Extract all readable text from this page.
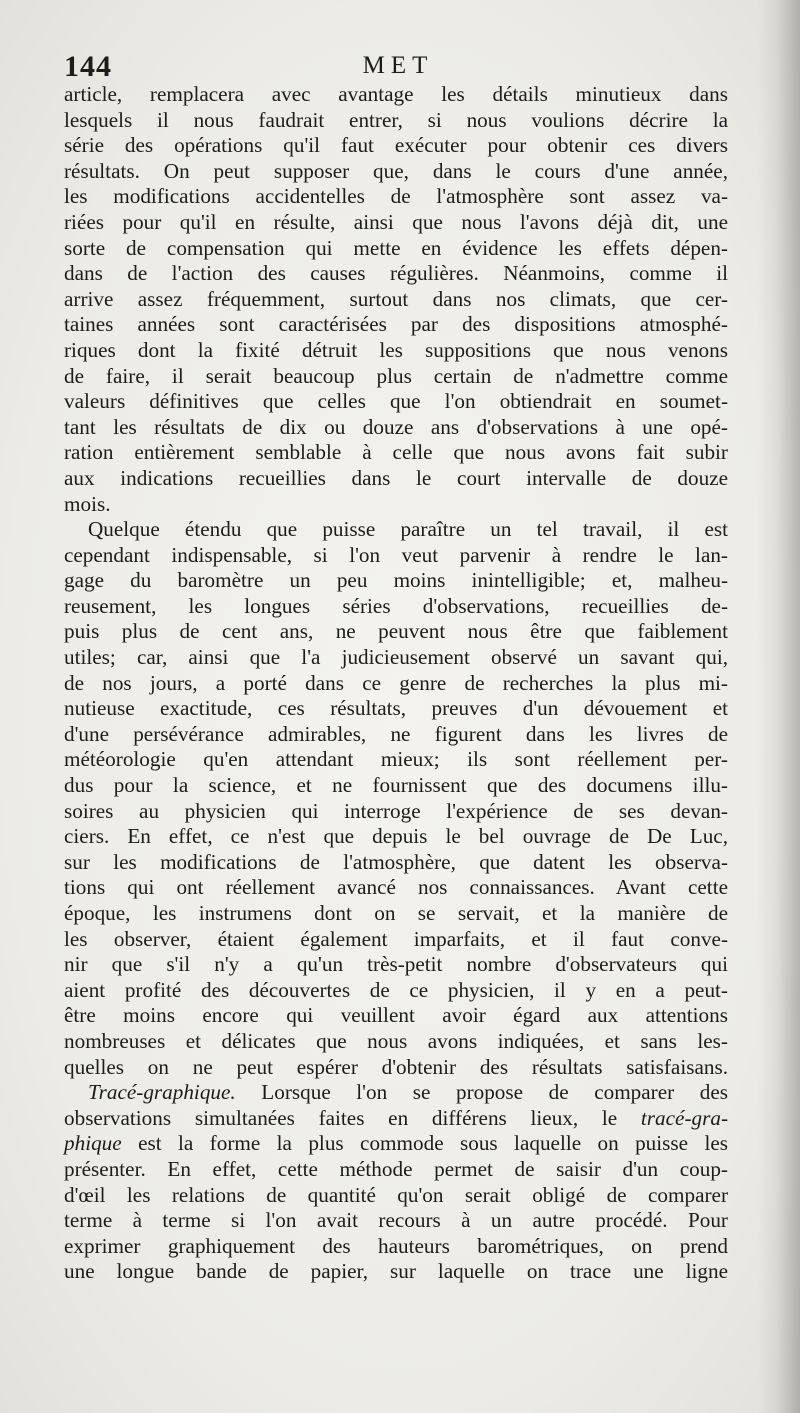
144	MET
article, remplacera avec avantage les détails minutieux dans
lesquels il nous faudrait entrer, si nous voulions décrire la
série des opérations qu'il faut exécuter pour obtenir ces divers
résultats. On peut supposer que, dans le cours d'une année,
les modifications accidentelles de l'atmosphère sont assez va-
riées pour qu'il en résulte, ainsi que nous l'avons déjà dit, une
sorte de compensation qui mette en évidence les effets dépen-
dans de l'action des causes régulières. Néanmoins, comme il
arrive assez fréquemment, surtout dans nos climats, que cer-
taines années sont caractérisées par des dispositions atmosphé-
riques dont la fixité détruit les suppositions que nous venons
de faire, il serait beaucoup plus certain de n'admettre comme
valeurs définitives que celles que l'on obtiendrait en soumet-
tant les résultats de dix ou douze ans d'observations à une opé-
ration entièrement semblable à celle que nous avons fait subir
aux indications recueillies dans le court intervalle de douze
mois.
Quelque étendu que puisse paraître un tel travail, il est
cependant indispensable, si l'on veut parvenir à rendre le lan-
gage du baromètre un peu moins inintelligible; et, malheu-
reusement, les longues séries d'observations, recueillies de-
puis plus de cent ans, ne peuvent nous être que faiblement
utiles; car, ainsi que l'a judicieusement observé un savant qui,
de nos jours, a porté dans ce genre de recherches la plus mi-
nutieuse exactitude, ces résultats, preuves d'un dévouement et
d'une persévérance admirables, ne figurent dans les livres de
météorologie qu'en attendant mieux; ils sont réellement per-
dus pour la science, et ne fournissent que des documens illu-
soires au physicien qui interroge l'expérience de ses devan-
ciers. En effet, ce n'est que depuis le bel ouvrage de De Luc,
sur les modifications de l'atmosphère, que datent les observa-
tions qui ont réellement avancé nos connaissances. Avant cette
époque, les instrumens dont on se servait, et la manière de
les observer, étaient également imparfaits, et il faut conve-
nir que s'il n'y a qu'un très-petit nombre d'observateurs qui
aient profité des découvertes de ce physicien, il y en a peut-
être moins encore qui veuillent avoir égard aux attentions
nombreuses et délicates que nous avons indiquées, et sans les-
quelles on ne peut espérer d'obtenir des résultats satisfaisans.
Tracé-graphique. Lorsque l'on se propose de comparer des
observations simultanées faites en différens lieux, le tracé-gra-
phique est la forme la plus commode sous laquelle on puisse les
présenter. En effet, cette méthode permet de saisir d'un coup-
d'œil les relations de quantité qu'on serait obligé de comparer
terme à terme si l'on avait recours à un autre procédé. Pour
exprimer graphiquement des hauteurs barométriques, on prend
une longue bande de papier, sur laquelle on trace une ligne
